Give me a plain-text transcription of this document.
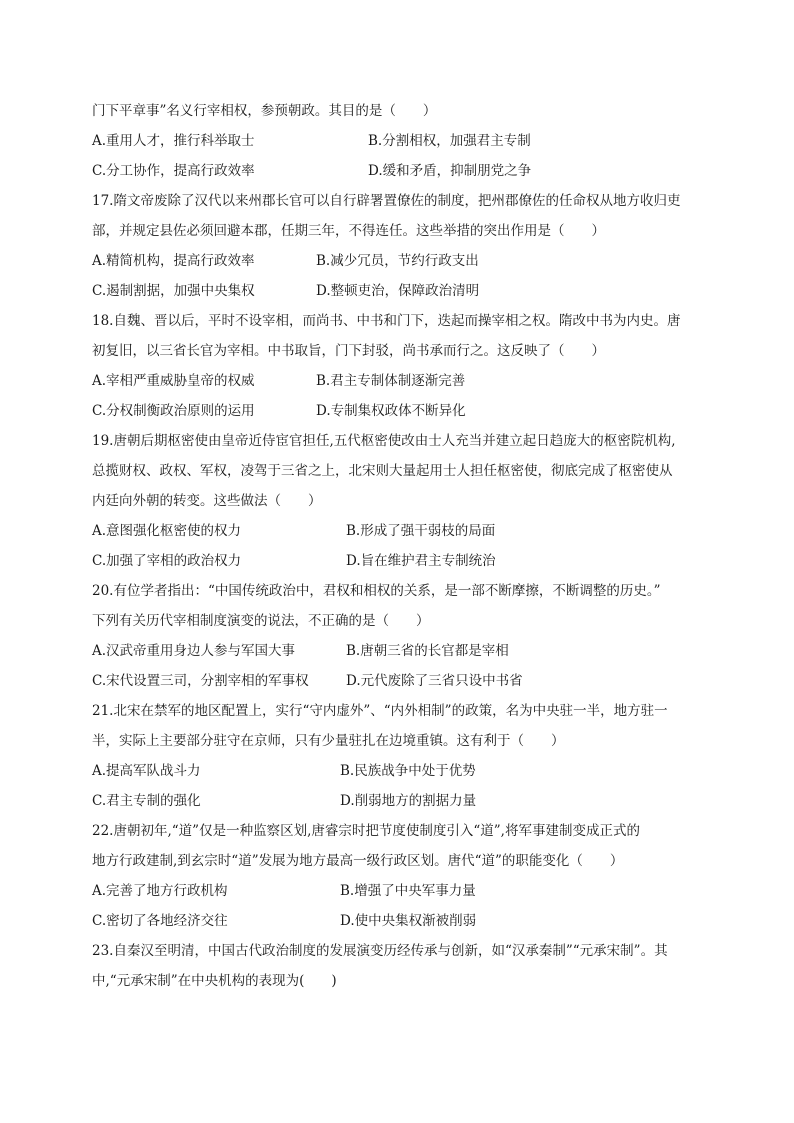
门下平章事”名义行宰相权，参预朝政。其目的是（　　）
A.重用人才，推行科举取士	B.分割相权，加强君主专制
C.分工协作，提高行政效率	D.缓和矛盾，抑制朋党之争
17.隋文帝废除了汉代以来州郡长官可以自行辟署置僚佐的制度，把州郡僚佐的任命权从地方收归吏
部，并规定县佐必须回避本郡，任期三年，不得连任。这些举措的突出作用是（　　）
A.精简机构，提高行政效率	B.减少冗员，节约行政支出
C.遏制割据，加强中央集权	D.整顿吏治，保障政治清明
18.自魏、晋以后，平时不设宰相，而尚书、中书和门下，迭起而操宰相之权。隋改中书为内史。唐
初复旧，以三省长官为宰相。中书取旨，门下封驳，尚书承而行之。这反映了（　　）
A.宰相严重威胁皇帝的权威	B.君主专制体制逐渐完善
C.分权制衡政治原则的运用	D.专制集权政体不断异化
19.唐朝后期枢密使由皇帝近侍宦官担任,五代枢密使改由士人充当并建立起日趋庞大的枢密院机构,
总揽财权、政权、军权，凌驾于三省之上，北宋则大量起用士人担任枢密使，彻底完成了枢密使从
内廷向外朝的转变。这些做法（　　）
A.意图强化枢密使的权力	B.形成了强干弱枝的局面
C.加强了宰相的政治权力	D.旨在维护君主专制统治
20.有位学者指出：“中国传统政治中，君权和相权的关系，是一部不断摩擦，不断调整的历史。”
下列有关历代宰相制度演变的说法，不正确的是（　　）
A.汉武帝重用身边人参与军国大事	B.唐朝三省的长官都是宰相
C.宋代设置三司，分割宰相的军事权	D.元代废除了三省只设中书省
21.北宋在禁军的地区配置上，实行“守内虚外”、“内外相制”的政策，名为中央驻一半，地方驻一
半，实际上主要部分驻守在京师，只有少量驻扎在边境重镇。这有利于（　　）
A.提高军队战斗力	B.民族战争中处于优势
C.君主专制的强化	D.削弱地方的割据力量
22.唐朝初年,“道”仅是一种监察区划,唐睿宗时把节度使制度引入“道”,将军事建制变成正式的
地方行政建制,到玄宗时“道”发展为地方最高一级行政区划。唐代“道”的职能变化（　　）
A.完善了地方行政机构	B.增强了中央军事力量
C.密切了各地经济交往	D.使中央集权渐被削弱
23.自秦汉至明清，中国古代政治制度的发展演变历经传承与创新，如“汉承秦制”“元承宋制”。其
中,“元承宋制”在中央机构的表现为(　　)
